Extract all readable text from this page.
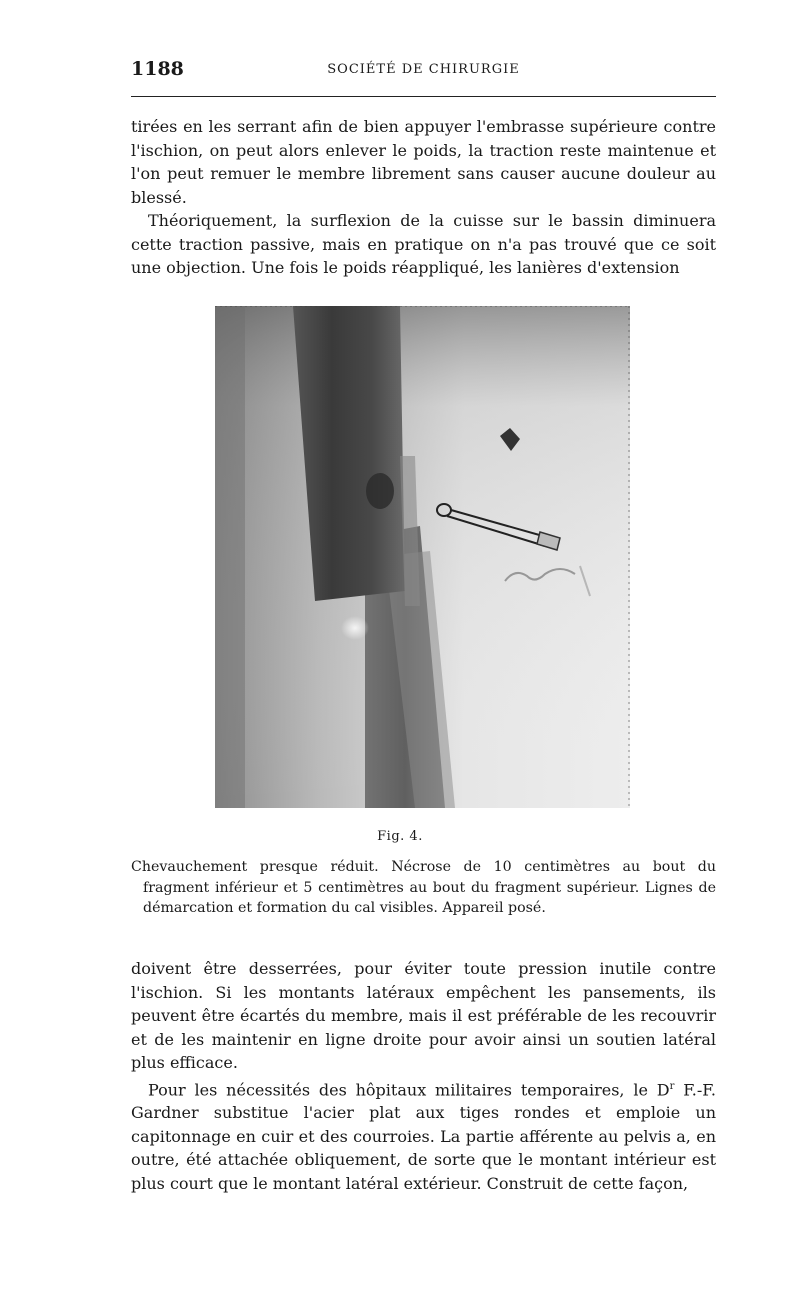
1188	SOCIÉTÉ DE CHIRURGIE

tirées en les serrant afin de bien appuyer l'embrasse supérieure contre l'ischion, on peut alors enlever le poids, la traction reste maintenue et l'on peut remuer le membre librement sans causer aucune douleur au blessé.

Théoriquement, la surflexion de la cuisse sur le bassin diminuera cette traction passive, mais en pratique on n'a pas trouvé que ce soit une objection. Une fois le poids réappliqué, les lanières d'extension

Fig. 4.

Chevauchement presque réduit. Nécrose de 10 centimètres au bout du

fragment inférieur et 5 centimètres au bout du fragment supérieur. Lignes de démarcation et formation du cal visibles. Appareil posé.

doivent être desserrées, pour éviter toute pression inutile contre l'ischion. Si les montants latéraux empêchent les pansements, ils peuvent être écartés du membre, mais il est préférable de les recouvrir et de les maintenir en ligne droite pour avoir ainsi un soutien latéral plus efficace.

Pour les nécessités des hôpitaux militaires temporaires, le $D^r$ F.-F. Gardner substitue l'acier plat aux tiges rondes et emploie un capitonnage en cuir et des courroies. La partie afférente au pelvis a, en outre, été attachée obliquement, de sorte que le montant intérieur est plus court que le montant latéral extérieur. Construit de cette façon,
